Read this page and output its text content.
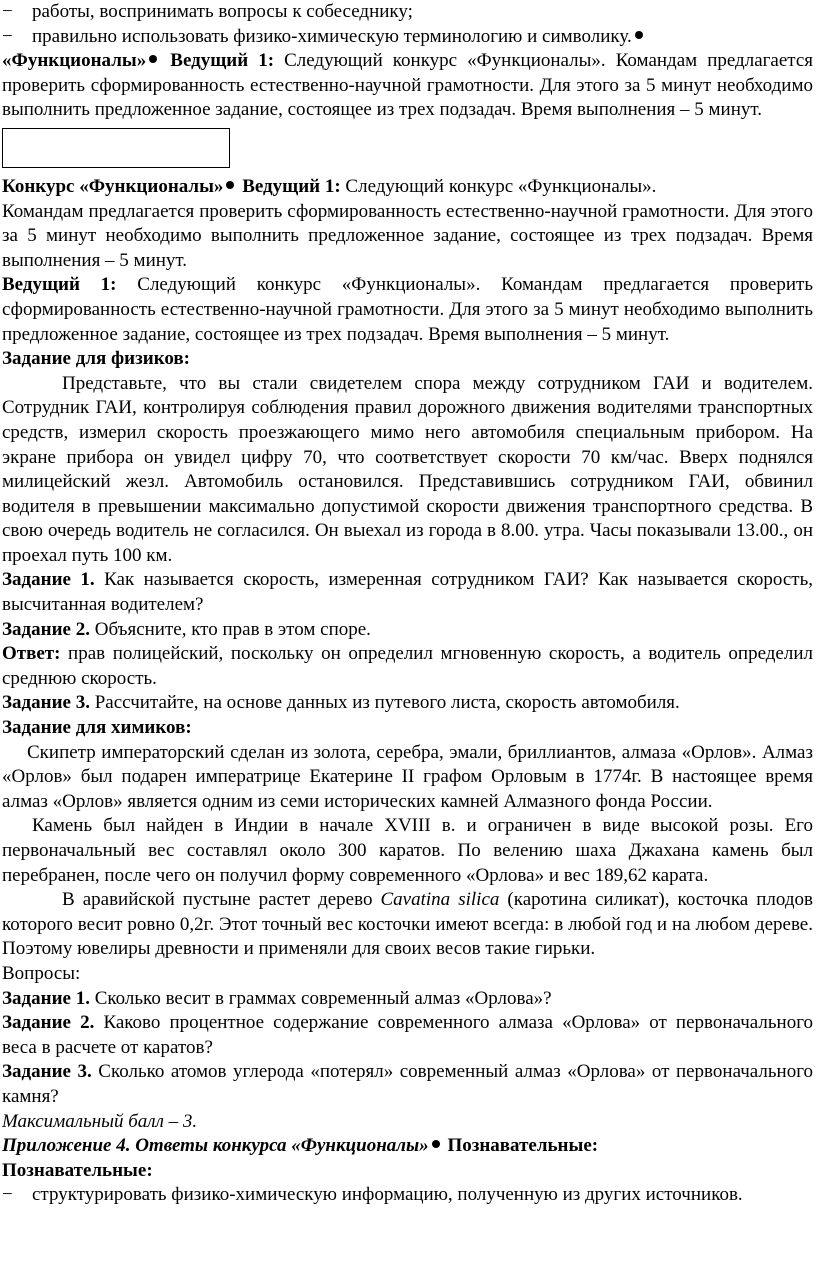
−	работы, воспринимать вопросы к собеседнику;
−	правильно использовать физико-химическую терминологию и символику.

«Функционалы» Ведущий 1: Следующий конкурс «Функционалы». Командам предлагается проверить сформированность естественно-научной грамотности. Для этого за 5 минут необходимо выполнить предложенное задание, состоящее из трех подзадач. Время выполнения – 5 минут.

Конкурс «Функционалы» Ведущий 1: Следующий конкурс «Функционалы».

Командам предлагается проверить сформированность естественно-научной грамотности. Для этого за 5 минут необходимо выполнить предложенное задание, состоящее из трех подзадач. Время выполнения – 5 минут.

Ведущий 1: Следующий конкурс «Функционалы». Командам предлагается проверить сформированность естественно-научной грамотности. Для этого за 5 минут необходимо выполнить предложенное задание, состоящее из трех подзадач. Время выполнения – 5 минут.

Задание для физиков:

Представьте, что вы стали свидетелем спора между сотрудником ГАИ и водителем. Сотрудник ГАИ, контролируя соблюдения правил дорожного движения водителями транспортных средств, измерил скорость проезжающего мимо него автомобиля специальным прибором. На экране прибора он увидел цифру 70, что соответствует скорости 70 км/час. Вверх поднялся милицейский жезл. Автомобиль остановился. Представившись сотрудником ГАИ, обвинил водителя в превышении максимально допустимой скорости движения транспортного средства. В свою очередь водитель не согласился. Он выехал из города в 8.00. утра. Часы показывали 13.00., он проехал путь 100 км.

Задание 1. Как называется скорость, измеренная сотрудником ГАИ? Как называется скорость, высчитанная водителем?

Задание 2. Объясните, кто прав в этом споре.

Ответ: прав полицейский, поскольку он определил мгновенную скорость, а водитель определил среднюю скорость.

Задание 3. Рассчитайте, на основе данных из путевого листа, скорость автомобиля.

Задание для химиков:

Скипетр императорский сделан из золота, серебра, эмали, бриллиантов, алмаза «Орлов». Алмаз «Орлов» был подарен императрице Екатерине II графом Орловым в 1774г. В настоящее время алмаз «Орлов» является одним из семи исторических камней Алмазного фонда России.

Камень был найден в Индии в начале XVIII в. и ограничен в виде высокой розы. Его первоначальный вес составлял около 300 каратов. По велению шаха Джахана камень был перебранен, после чего он получил форму современного «Орлова» и вес 189,62 карата.

В аравийской пустыне растет дерево Cavatina silica (каротина силикат), косточка плодов которого весит ровно 0,2г. Этот точный вес косточки имеют всегда: в любой год и на любом дереве. Поэтому ювелиры древности и применяли для своих весов такие гирьки.

Вопросы:

Задание 1. Сколько весит в граммах современный алмаз «Орлова»?

Задание 2. Каково процентное содержание современного алмаза «Орлова» от первоначального веса в расчете от каратов?

Задание 3. Сколько атомов углерода «потерял» современный алмаз «Орлова» от первоначального камня?

Максимальный балл – 3.

Приложение 4. Ответы конкурса «Функционалы» Познавательные:

Познавательные:

−	структурировать физико-химическую информацию, полученную из других источников.
